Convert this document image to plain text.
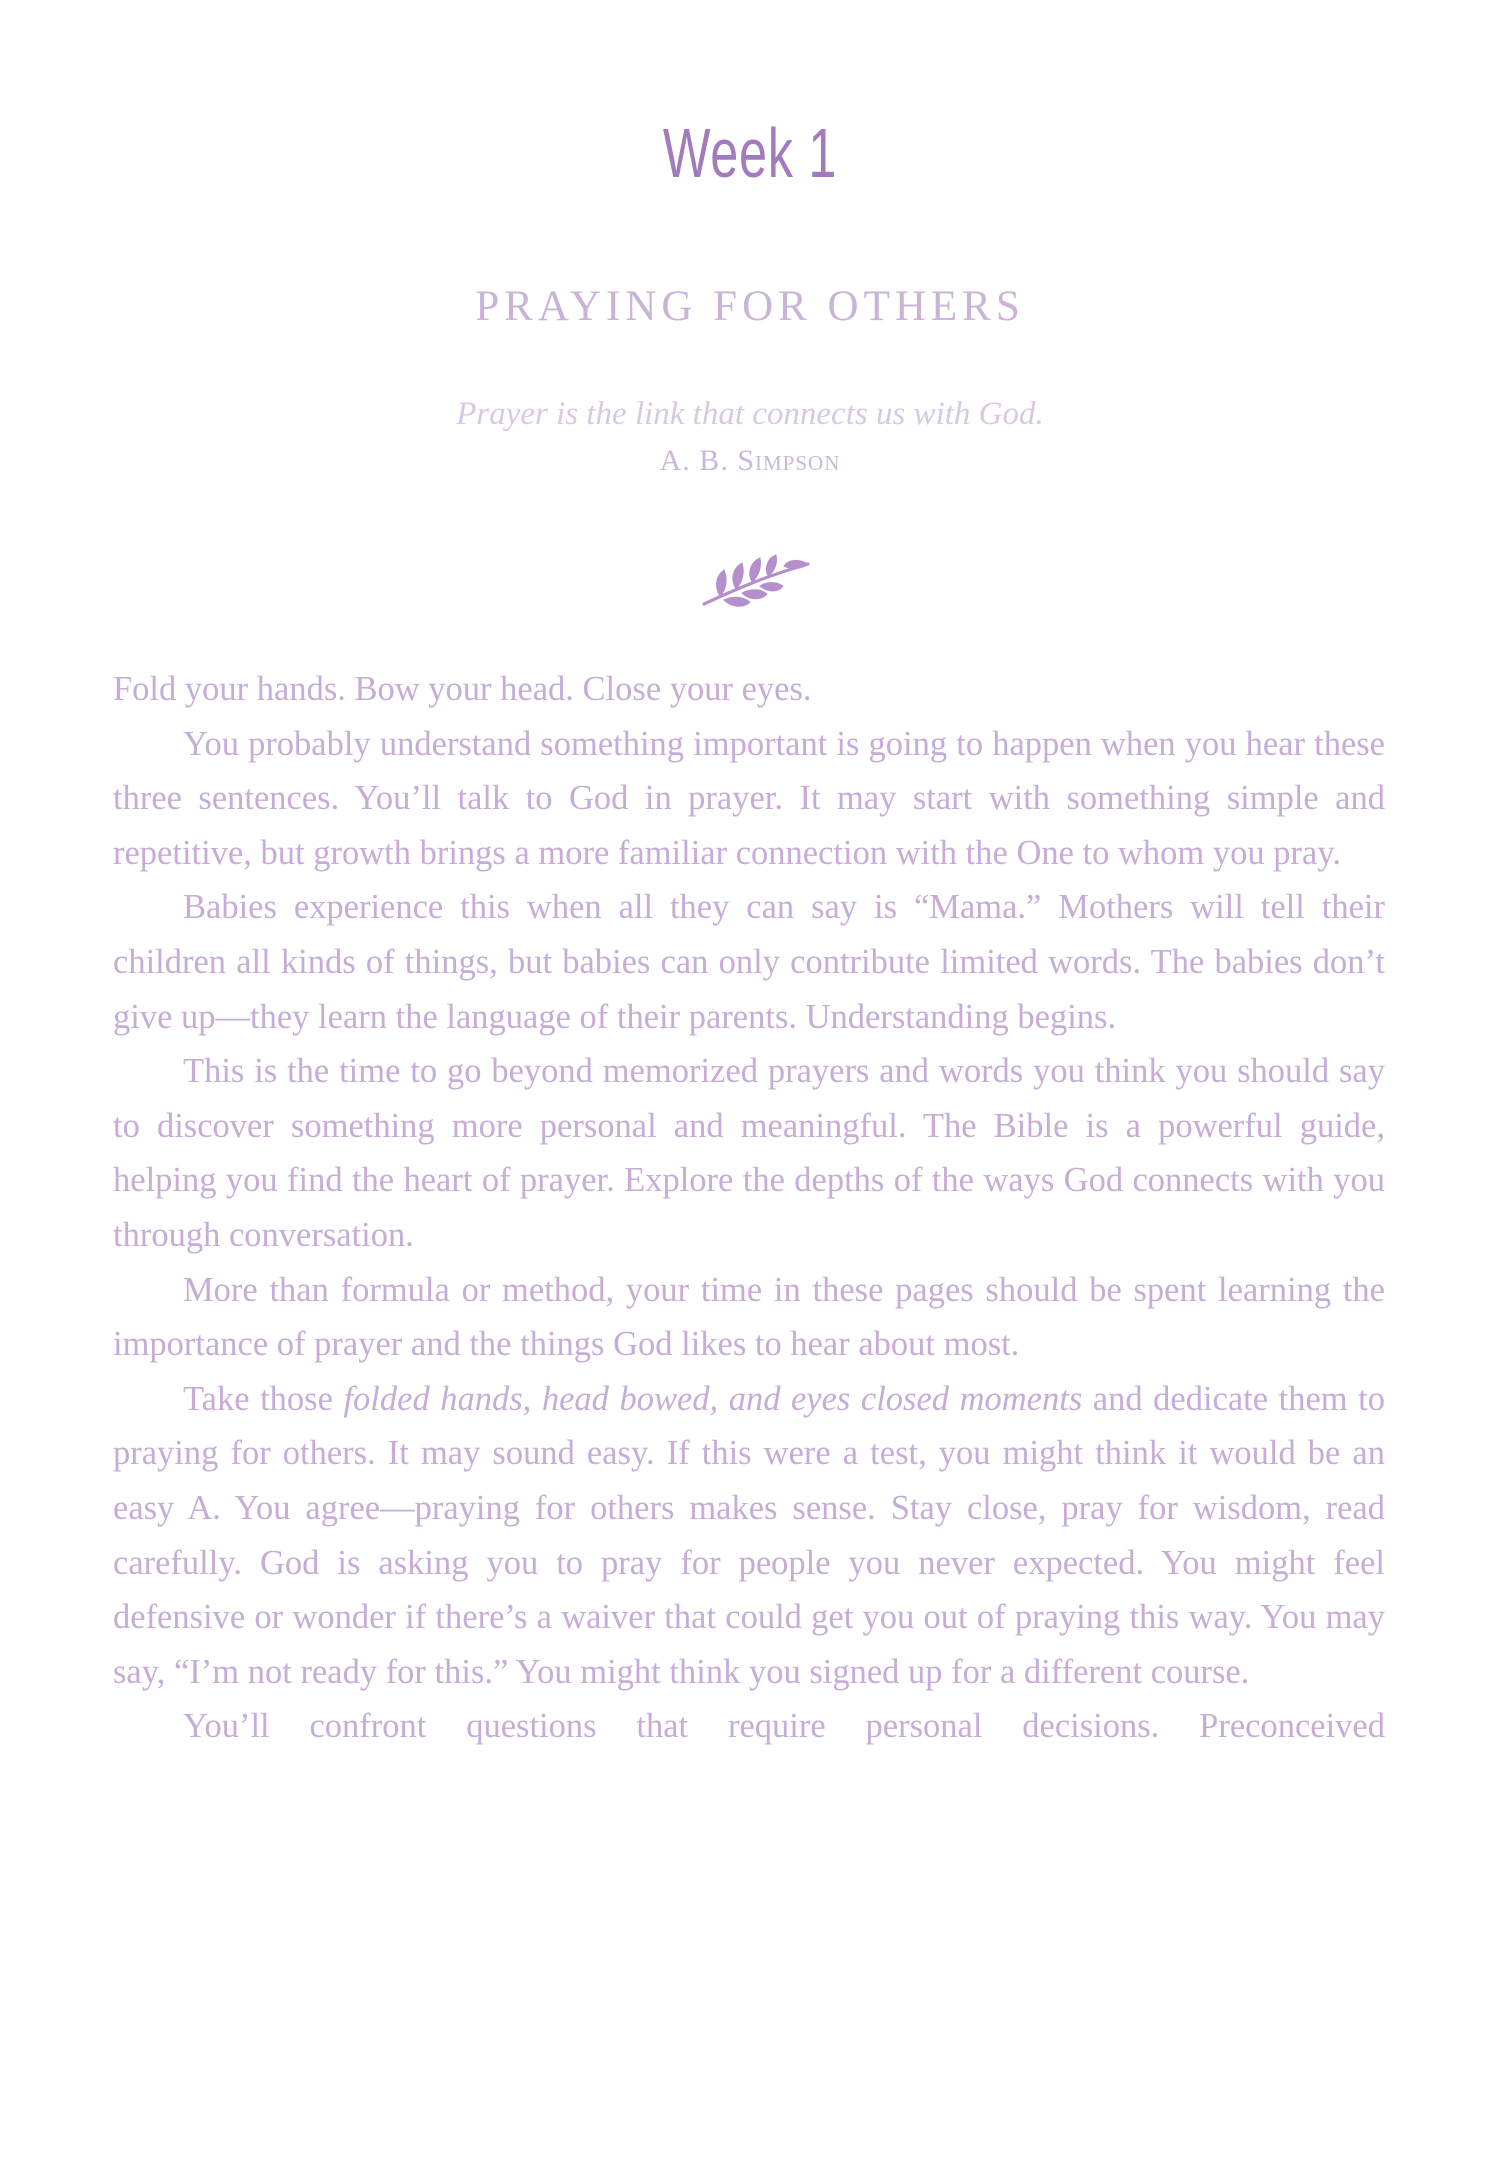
Week 1
PRAYING FOR OTHERS
Prayer is the link that connects us with God.
A. B. Simpson

Fold your hands. Bow your head. Close your eyes.

You probably understand something important is going to happen when you hear these three sentences. You’ll talk to God in prayer. It may start with something simple and repetitive, but growth brings a more familiar connection with the One to whom you pray.

Babies experience this when all they can say is “Mama.” Mothers will tell their children all kinds of things, but babies can only contribute limited words. The babies don’t give up—they learn the language of their parents. Understanding begins.

This is the time to go beyond memorized prayers and words you think you should say to discover something more personal and meaningful. The Bible is a powerful guide, helping you find the heart of prayer. Explore the depths of the ways God connects with you through conversation.

More than formula or method, your time in these pages should be spent learning the importance of prayer and the things God likes to hear about most.

Take those folded hands, head bowed, and eyes closed moments and dedicate them to praying for others. It may sound easy. If this were a test, you might think it would be an easy A. You agree—praying for others makes sense. Stay close, pray for wisdom, read carefully. God is asking you to pray for people you never expected. You might feel defensive or wonder if there’s a waiver that could get you out of praying this way. You may say, “I’m not ready for this.” You might think you signed up for a different course.

You’ll confront questions that require personal decisions. Preconceived
